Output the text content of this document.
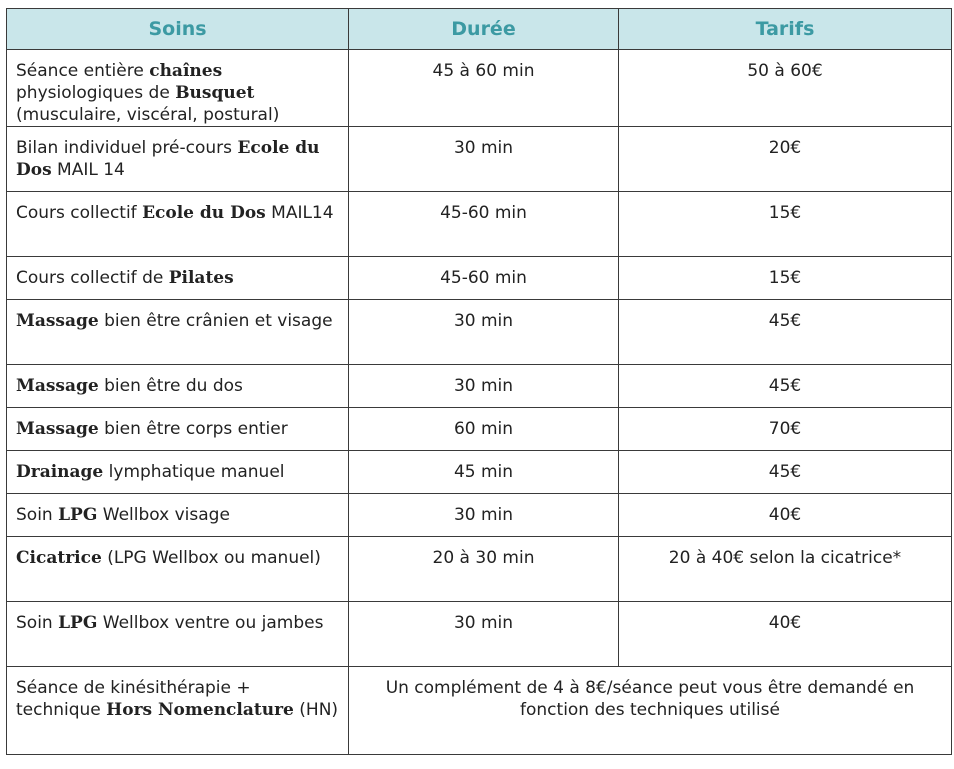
Soins	Durée	Tarifs
Séance entière chaînes physiologiques de Busquet (musculaire, viscéral, postural)	45 à 60 min	50 à 60€
Bilan individuel pré-cours Ecole du Dos MAIL 14	30 min	20€
Cours collectif Ecole du Dos MAIL14	45-60 min	15€
Cours collectif de Pilates	45-60 min	15€
Massage bien être crânien et visage	30 min	45€
Massage bien être du dos	30 min	45€
Massage bien être corps entier	60 min	70€
Drainage lymphatique manuel	45 min	45€
Soin LPG Wellbox visage	30 min	40€
Cicatrice (LPG Wellbox ou manuel)	20 à 30 min	20 à 40€ selon la cicatrice*
Soin LPG Wellbox ventre ou jambes	30 min	40€
Séance de kinésithérapie + technique Hors Nomenclature (HN)	Un complément de 4 à 8€/séance peut vous être demandé en fonction des techniques utilisé	
